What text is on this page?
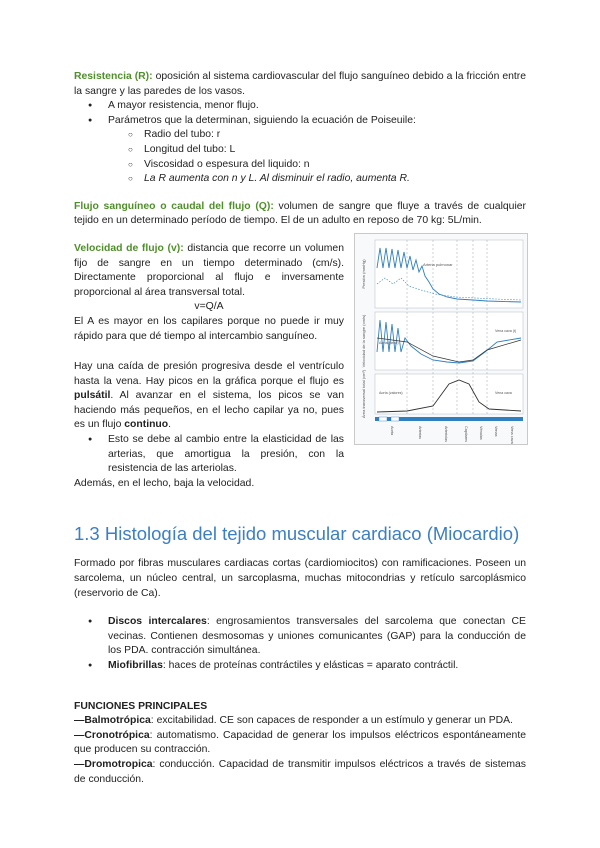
Resistencia (R): oposición al sistema cardiovascular del flujo sanguíneo debido a la fricción entre la sangre y las paredes de los vasos.

● A mayor resistencia, menor flujo.
● Parámetros que la determinan, siguiendo la ecuación de Poiseuile:
○ Radio del tubo: r
○ Longitud del tubo: L
○ Viscosidad o espesura del liquido: n
○ La R aumenta con n y L. Al disminuir el radio, aumenta R.

Flujo sanguíneo o caudal del flujo (Q): volumen de sangre que fluye a través de cualquier tejido en un determinado período de tiempo. El de un adulto en reposo de 70 kg: 5L/min.

Velocidad de flujo (v): distancia que recorre un volumen fijo de sangre en un tiempo determinado (cm/s). Directamente proporcional al flujo e inversamente proporcional al área transversal total.

v=Q/A

El A es mayor en los capilares porque no puede ir muy rápido para que dé tiempo al intercambio sanguíneo.

Hay una caída de presión progresiva desde el ventrículo hasta la vena. Hay picos en la gráfica porque el flujo es pulsátil. Al avanzar en el sistema, los picos se van haciendo más pequeños, en el lecho capilar ya no, pues es un flujo continuo.

● Esto se debe al cambio entre la elasticidad de las arterias, que amortigua la presión, con la resistencia de las arteriolas.

Además, en el lecho, baja la velocidad.

1.3 Histología del tejido muscular cardiaco (Miocardio)

Formado por fibras musculares cardiacas cortas (cardiomiocitos) con ramificaciones. Poseen un sarcolema, un núcleo central, un sarcoplasma, muchas mitocondrias y retículo sarcoplásmico (reservorio de Ca).

● Discos intercalares: engrosamientos transversales del sarcolema que conectan CE vecinas. Contienen desmosomas y uniones comunicantes (GAP) para la conducción de los PDA. contracción simultánea.
● Miofibrillas: haces de proteínas contráctiles y elásticas = aparato contráctil.

FUNCIONES PRINCIPALES

—Balmotrópica: excitabilidad. CE son capaces de responder a un estímulo y generar un PDA.

—Cronotrópica: automatismo. Capacidad de generar los impulsos eléctricos espontáneamente que producen su contracción.

—Dromotropica: conducción. Capacidad de transmitir impulsos eléctricos a través de sistemas de conducción.

Presión (mmHg)
Velocidad de la sangre (cm/s)
Área transversal total (cm²)
Arteria pulmonar
Aorta (lleno)
Vena cava (t)
Aorta (valores)	Vena cava
Aorta	Arterias	Arteriolas	Capilares	Vénulas	Venas	Vena cava
